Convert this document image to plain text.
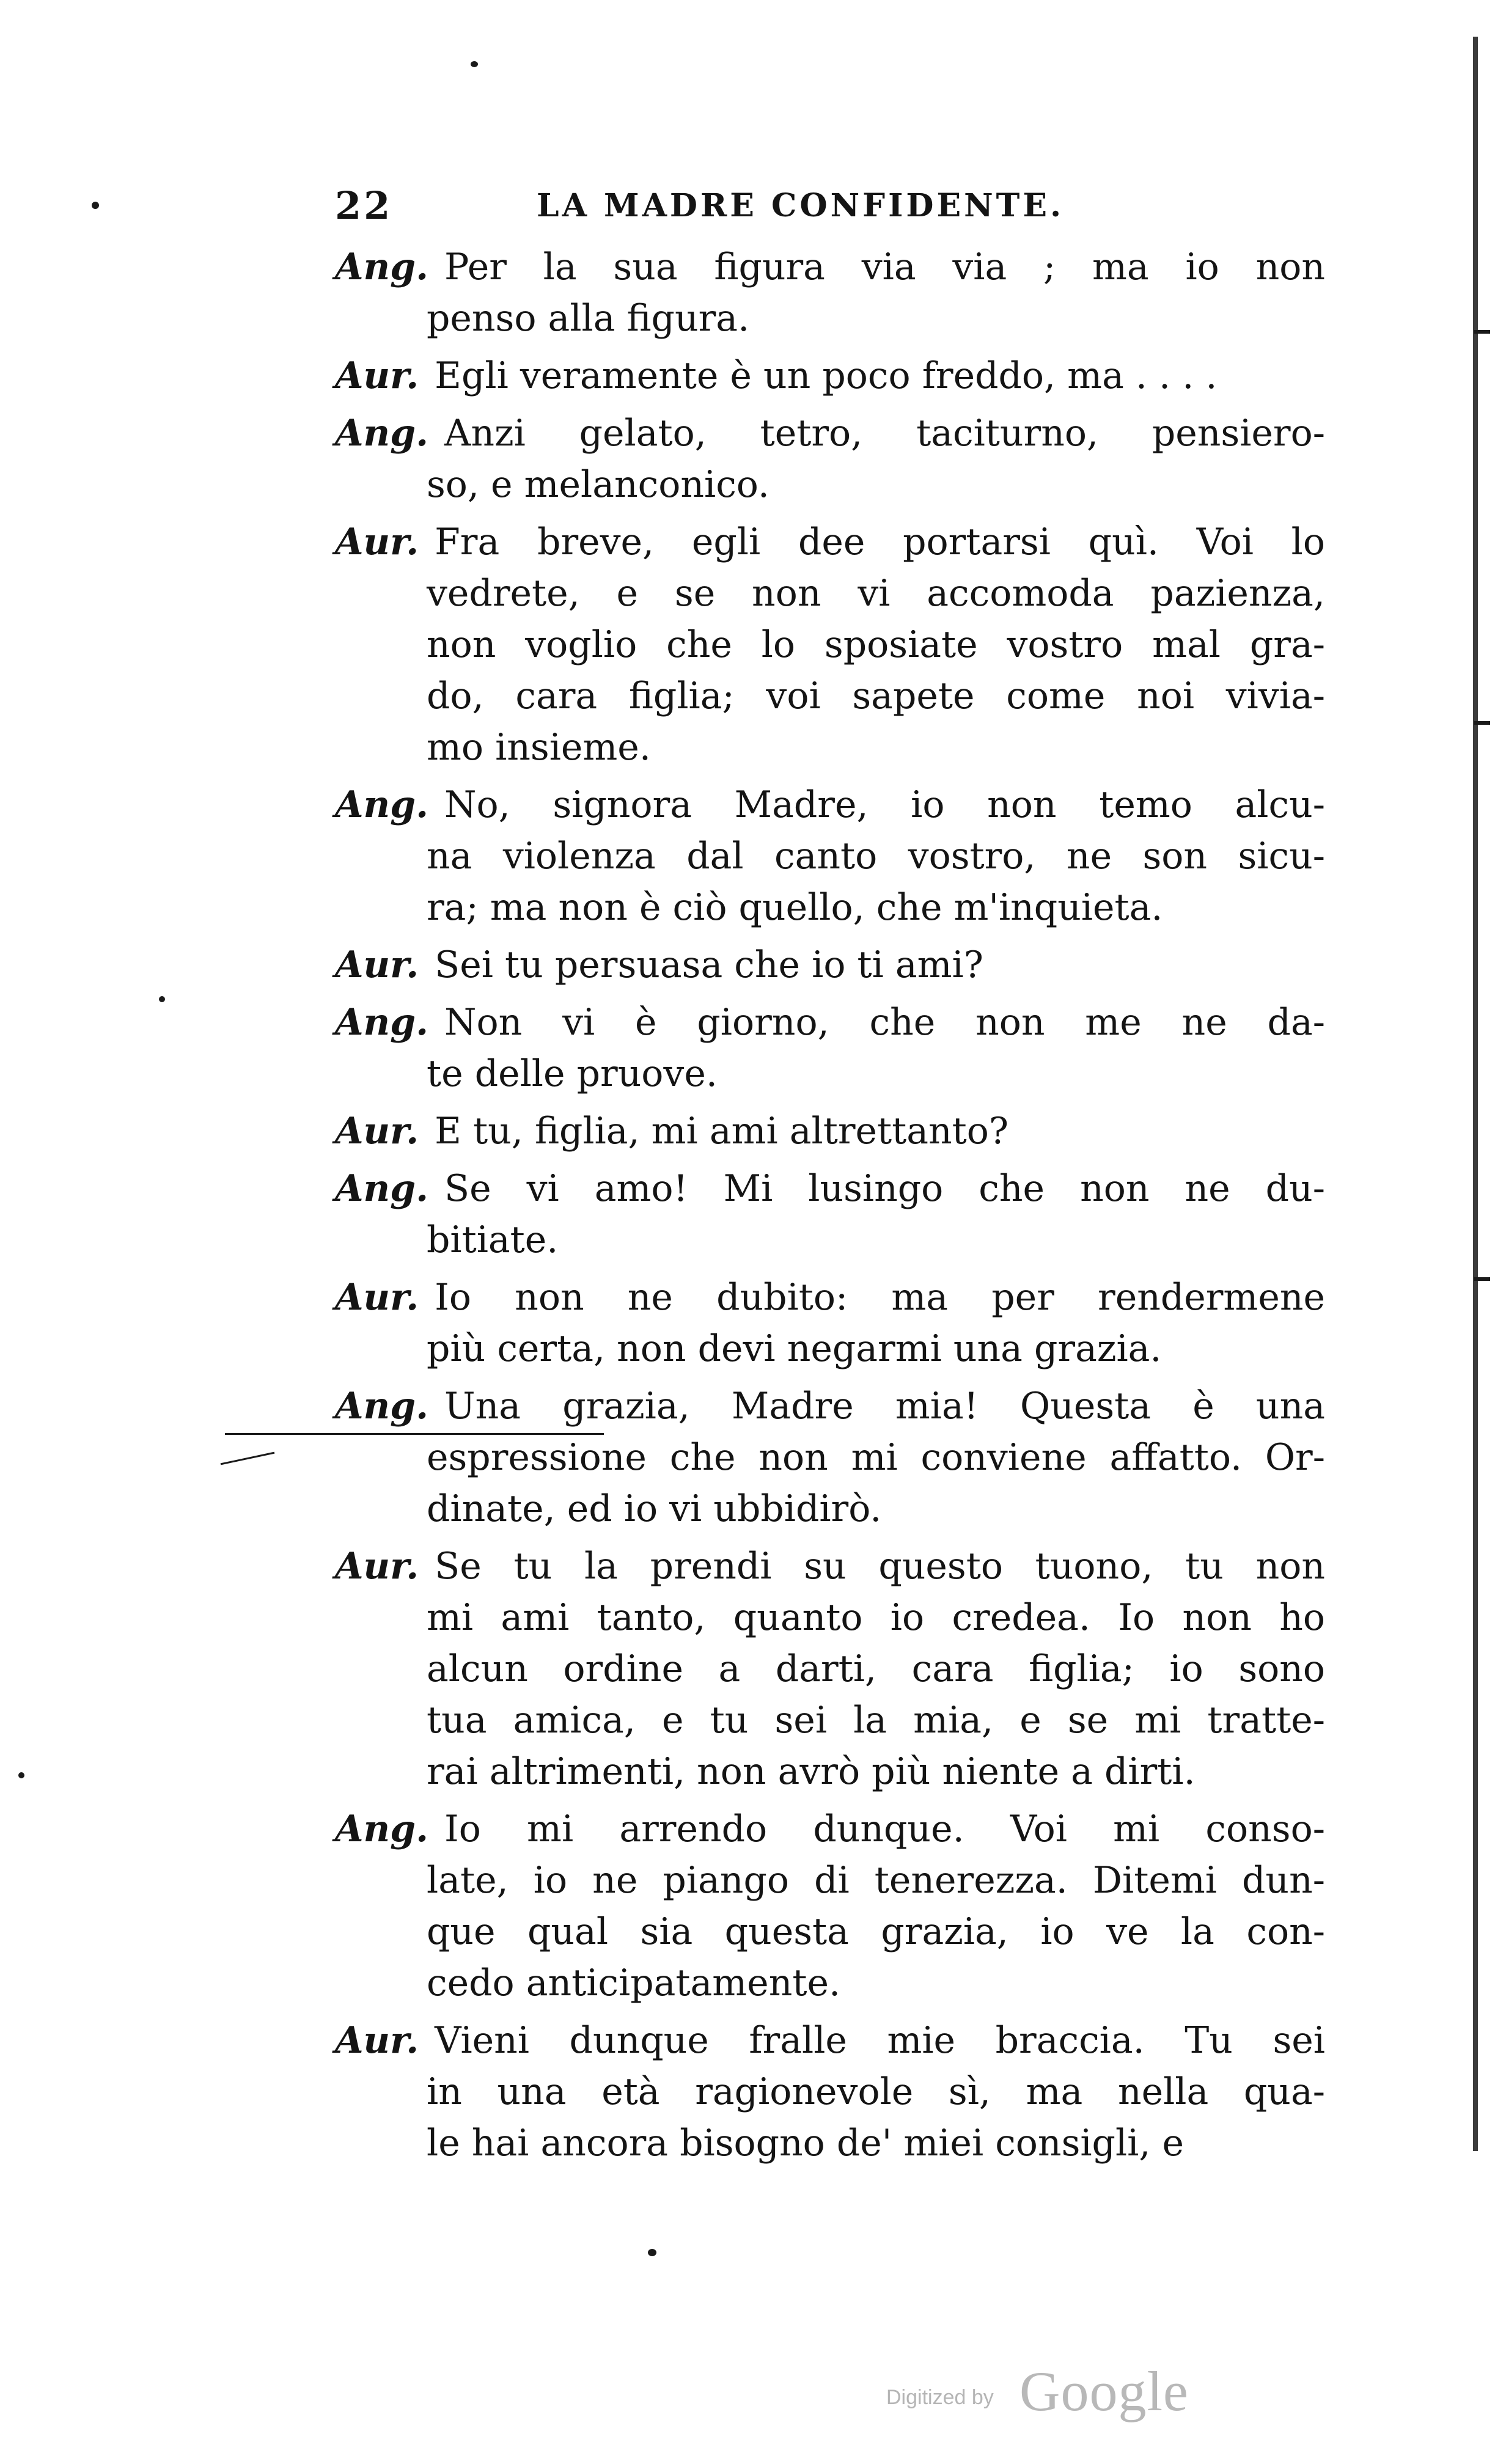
22	LA MADRE CONFIDENTE.
Ang. Per la sua figura via via ; ma io non
penso alla figura.
Aur. Egli veramente è un poco freddo, ma . . . .
Ang. Anzi gelato, tetro, taciturno, pensiero-
so, e melanconico.
Aur. Fra breve, egli dee portarsi quì. Voi lo
vedrete, e se non vi accomoda pazienza,
non voglio che lo sposiate vostro mal gra-
do, cara figlia; voi sapete come noi vivia-
mo insieme.
Ang. No, signora Madre, io non temo alcu-
na violenza dal canto vostro, ne son sicu-
ra; ma non è ciò quello, che m'inquieta.
Aur. Sei tu persuasa che io ti ami?
Ang. Non vi è giorno, che non me ne da-
te delle pruove.
Aur. E tu, figlia, mi ami altrettanto?
Ang. Se vi amo! Mi lusingo che non ne du-
bitiate.
Aur. Io non ne dubito: ma per rendermene
più certa, non devi negarmi una grazia.
Ang. Una grazia, Madre mia! Questa è una
espressione che non mi conviene affatto. Or-
dinate, ed io vi ubbidirò.
Aur. Se tu la prendi su questo tuono, tu non
mi ami tanto, quanto io credea. Io non ho
alcun ordine a darti, cara figlia; io sono
tua amica, e tu sei la mia, e se mi tratte-
rai altrimenti, non avrò più niente a dirti.
Ang. Io mi arrendo dunque. Voi mi conso-
late, io ne piango di tenerezza. Ditemi dun-
que qual sia questa grazia, io ve la con-
cedo anticipatamente.
Aur. Vieni dunque fralle mie braccia. Tu sei
in una età ragionevole sì, ma nella qua-
le hai ancora bisogno de' miei consigli, e
Digitized by Google
